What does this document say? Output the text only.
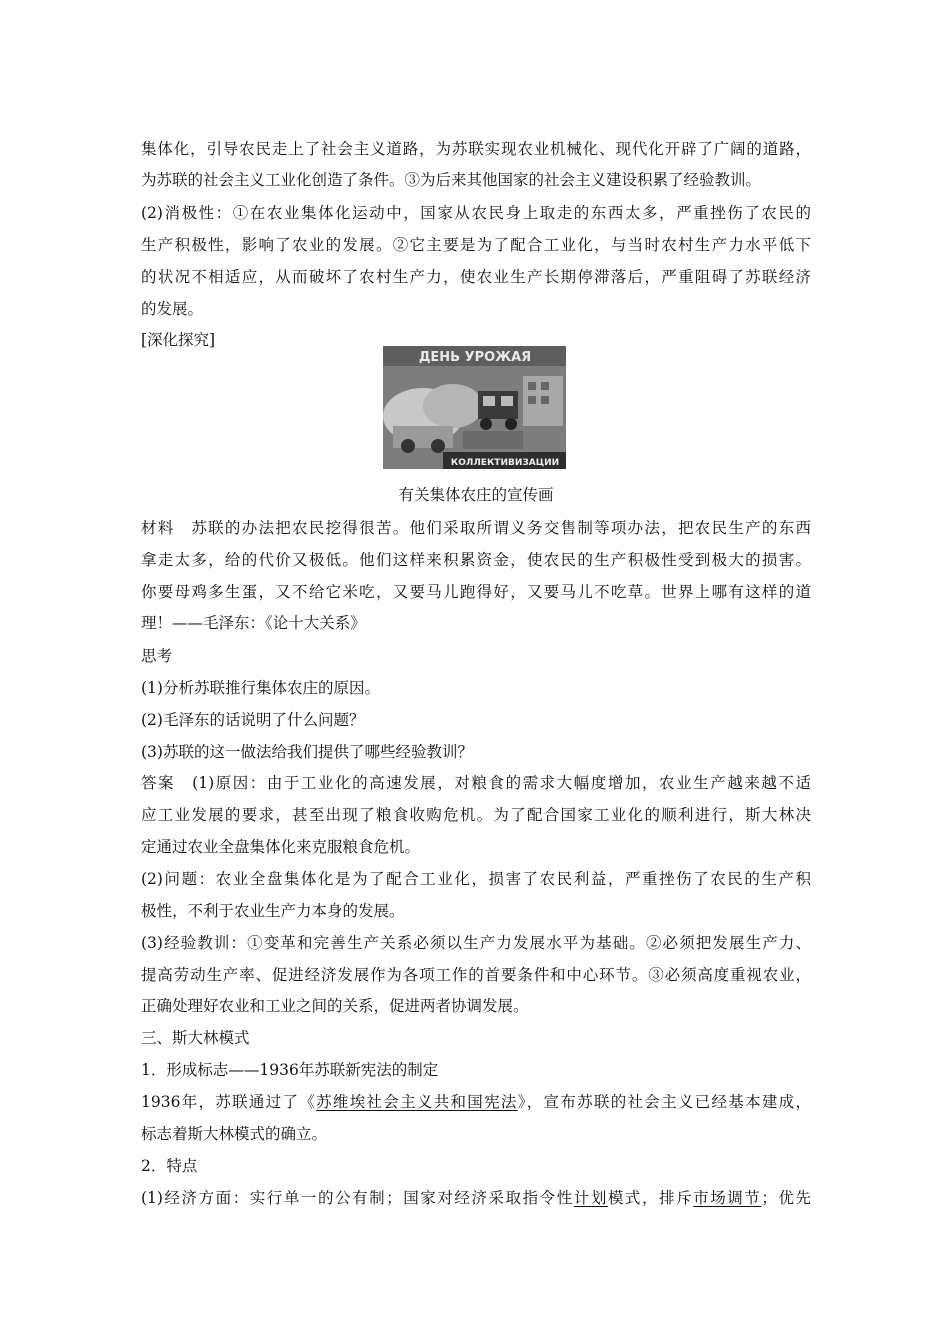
集体化，引导农民走上了社会主义道路，为苏联实现农业机械化、现代化开辟了广阔的道路，
为苏联的社会主义工业化创造了条件。③为后来其他国家的社会主义建设积累了经验教训。
(2)消极性：①在农业集体化运动中，国家从农民身上取走的东西太多，严重挫伤了农民的
生产积极性，影响了农业的发展。②它主要是为了配合工业化，与当时农村生产力水平低下
的状况不相适应，从而破坏了农村生产力，使农业生产长期停滞落后，严重阻碍了苏联经济
的发展。
[深化探究]
ДЕНЬ УРОЖАЯ
КОЛЛЕКТИВИЗАЦИИ
有关集体农庄的宣传画
材料　苏联的办法把农民挖得很苦。他们采取所谓义务交售制等项办法，把农民生产的东西
拿走太多，给的代价又极低。他们这样来积累资金，使农民的生产积极性受到极大的损害。
你要母鸡多生蛋，又不给它米吃，又要马儿跑得好，又要马儿不吃草。世界上哪有这样的道
理！——毛泽东：《论十大关系》
思考
(1)分析苏联推行集体农庄的原因。
(2)毛泽东的话说明了什么问题？
(3)苏联的这一做法给我们提供了哪些经验教训？
答案　(1)原因：由于工业化的高速发展，对粮食的需求大幅度增加，农业生产越来越不适
应工业发展的要求，甚至出现了粮食收购危机。为了配合国家工业化的顺利进行，斯大林决
定通过农业全盘集体化来克服粮食危机。
(2)问题：农业全盘集体化是为了配合工业化，损害了农民利益，严重挫伤了农民的生产积
极性，不利于农业生产力本身的发展。
(3)经验教训：①变革和完善生产关系必须以生产力发展水平为基础。②必须把发展生产力、
提高劳动生产率、促进经济发展作为各项工作的首要条件和中心环节。③必须高度重视农业，
正确处理好农业和工业之间的关系，促进两者协调发展。
三、斯大林模式
1．形成标志——1936年苏联新宪法的制定
1936年，苏联通过了《苏维埃社会主义共和国宪法》，宣布苏联的社会主义已经基本建成，
标志着斯大林模式的确立。
2．特点
(1)经济方面：实行单一的公有制；国家对经济采取指令性计划模式，排斥市场调节；优先
